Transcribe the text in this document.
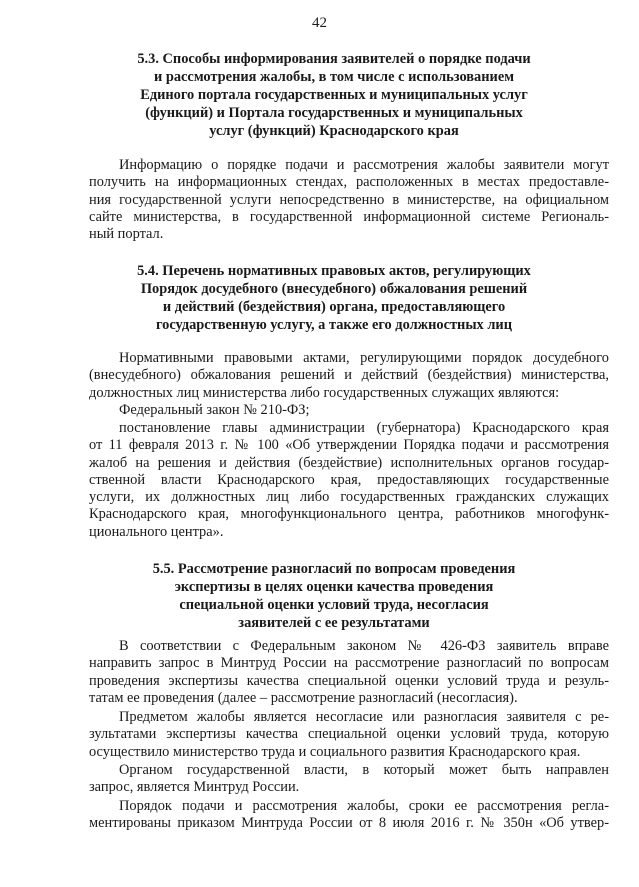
42
5.3. Способы информирования заявителей о порядке подачи
и рассмотрения жалобы, в том числе с использованием
Единого портала государственных и муниципальных услуг
(функций) и Портала государственных и муниципальных
услуг (функций) Краснодарского края
Информацию о порядке подачи и рассмотрения жалобы заявители могут
получить на информационных стендах, расположенных в местах предоставле-
ния государственной услуги непосредственно в министерстве, на официальном
сайте министерства, в государственной информационной системе Региональ-
ный портал.
5.4. Перечень нормативных правовых актов, регулирующих
Порядок досудебного (внесудебного) обжалования решений
и действий (бездействия) органа, предоставляющего
государственную услугу, а также его должностных лиц
Нормативными правовыми актами, регулирующими порядок досудебного
(внесудебного) обжалования решений и действий (бездействия) министерства,
должностных лиц министерства либо государственных служащих являются:
Федеральный закон № 210-ФЗ;
постановление главы администрации (губернатора) Краснодарского края
от 11 февраля 2013 г. № 100 «Об утверждении Порядка подачи и рассмотрения
жалоб на решения и действия (бездействие) исполнительных органов государ-
ственной власти Краснодарского края, предоставляющих государственные
услуги, их должностных лиц либо государственных гражданских служащих
Краснодарского края, многофункционального центра, работников многофунк-
ционального центра».
5.5. Рассмотрение разногласий по вопросам проведения
экспертизы в целях оценки качества проведения
специальной оценки условий труда, несогласия
заявителей с ее результатами
В соответствии с Федеральным законом № 426-ФЗ заявитель вправе
направить запрос в Минтруд России на рассмотрение разногласий по вопросам
проведения экспертизы качества специальной оценки условий труда и резуль-
татам ее проведения (далее – рассмотрение разногласий (несогласия).
Предметом жалобы является несогласие или разногласия заявителя с ре-
зультатами экспертизы качества специальной оценки условий труда, которую
осуществило министерство труда и социального развития Краснодарского края.
Органом государственной власти, в который может быть направлен
запрос, является Минтруд России.
Порядок подачи и рассмотрения жалобы, сроки ее рассмотрения регла-
ментированы приказом Минтруда России от 8 июля 2016 г. № 350н «Об утвер-
